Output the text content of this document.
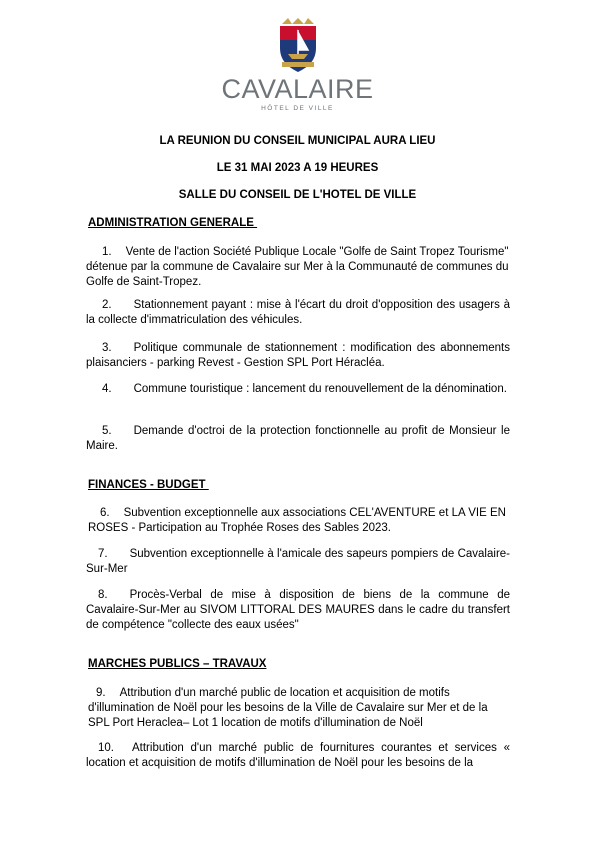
CAVALAIRE
HÔTEL DE VILLE
LA REUNION DU CONSEIL MUNICIPAL AURA LIEU
LE 31 MAI 2023 A 19 HEURES
SALLE DU CONSEIL DE L'HOTEL DE VILLE
ADMINISTRATION GENERALE
1. Vente de l'action Société Publique Locale "Golfe de Saint Tropez Tourisme" détenue par la commune de Cavalaire sur Mer à la Communauté de communes du Golfe de Saint-Tropez.
2. Stationnement payant : mise à l'écart du droit d'opposition des usagers à la collecte d'immatriculation des véhicules.
3. Politique communale de stationnement : modification des abonnements plaisanciers - parking Revest - Gestion SPL Port Héracléa.
4. Commune touristique : lancement du renouvellement de la dénomination.
5. Demande d'octroi de la protection fonctionnelle au profit de Monsieur le Maire.
FINANCES - BUDGET
6. Subvention exceptionnelle aux associations CEL'AVENTURE et LA VIE EN ROSES - Participation au Trophée Roses des Sables 2023.
7. Subvention exceptionnelle à l'amicale des sapeurs pompiers de Cavalaire-Sur-Mer
8. Procès-Verbal de mise à disposition de biens de la commune de Cavalaire-Sur-Mer au SIVOM LITTORAL DES MAURES dans le cadre du transfert de compétence "collecte des eaux usées"
MARCHES PUBLICS – TRAVAUX
9. Attribution d'un marché public de location et acquisition de motifs d'illumination de Noël pour les besoins de la Ville de Cavalaire sur Mer et de la SPL Port Heraclea– Lot 1 location de motifs d'illumination de Noël
10. Attribution d'un marché public de fournitures courantes et services « location et acquisition de motifs d'illumination de Noël pour les besoins de la
